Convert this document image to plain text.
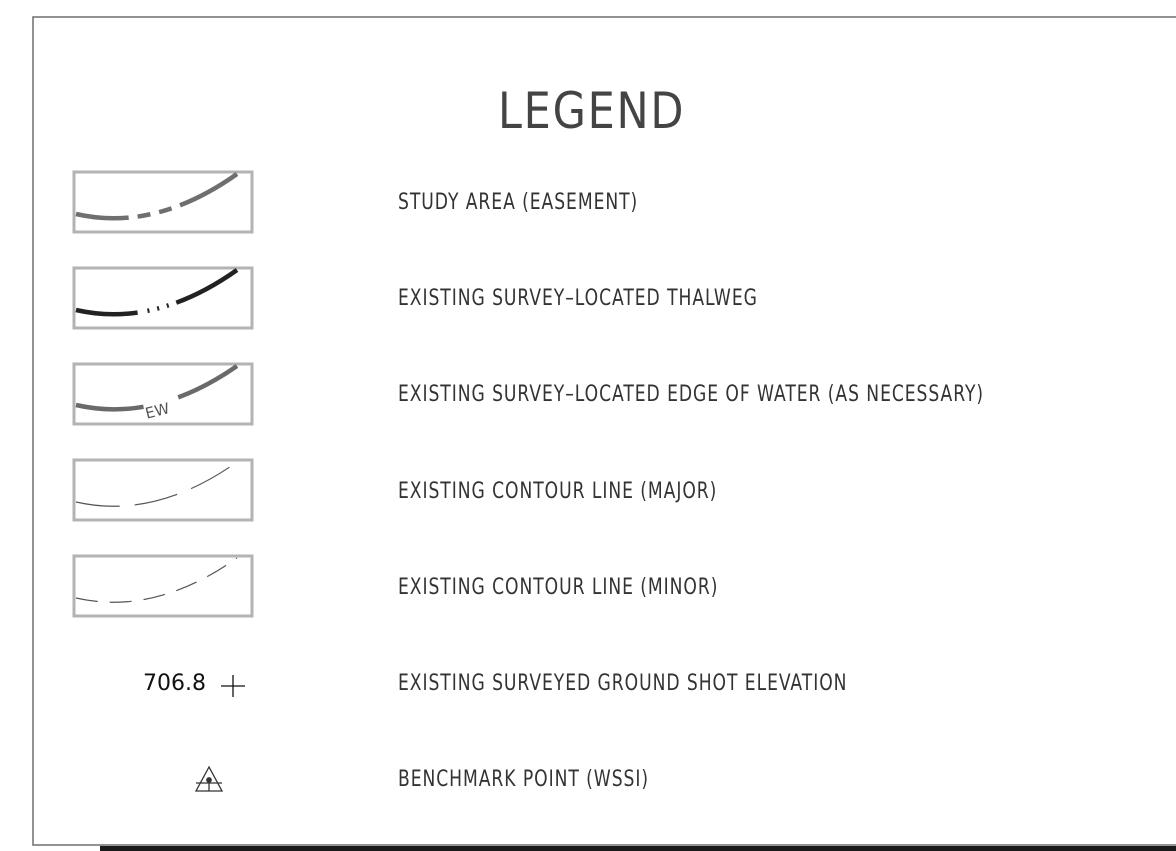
EW

LEGEND

706.8

STUDY AREA (EASEMENT)

EXISTING SURVEY–LOCATED THALWEG

EXISTING SURVEY–LOCATED EDGE OF WATER (AS NECESSARY)

EXISTING CONTOUR LINE (MAJOR)

EXISTING CONTOUR LINE (MINOR)

EXISTING SURVEYED GROUND SHOT ELEVATION

BENCHMARK POINT (WSSI)
